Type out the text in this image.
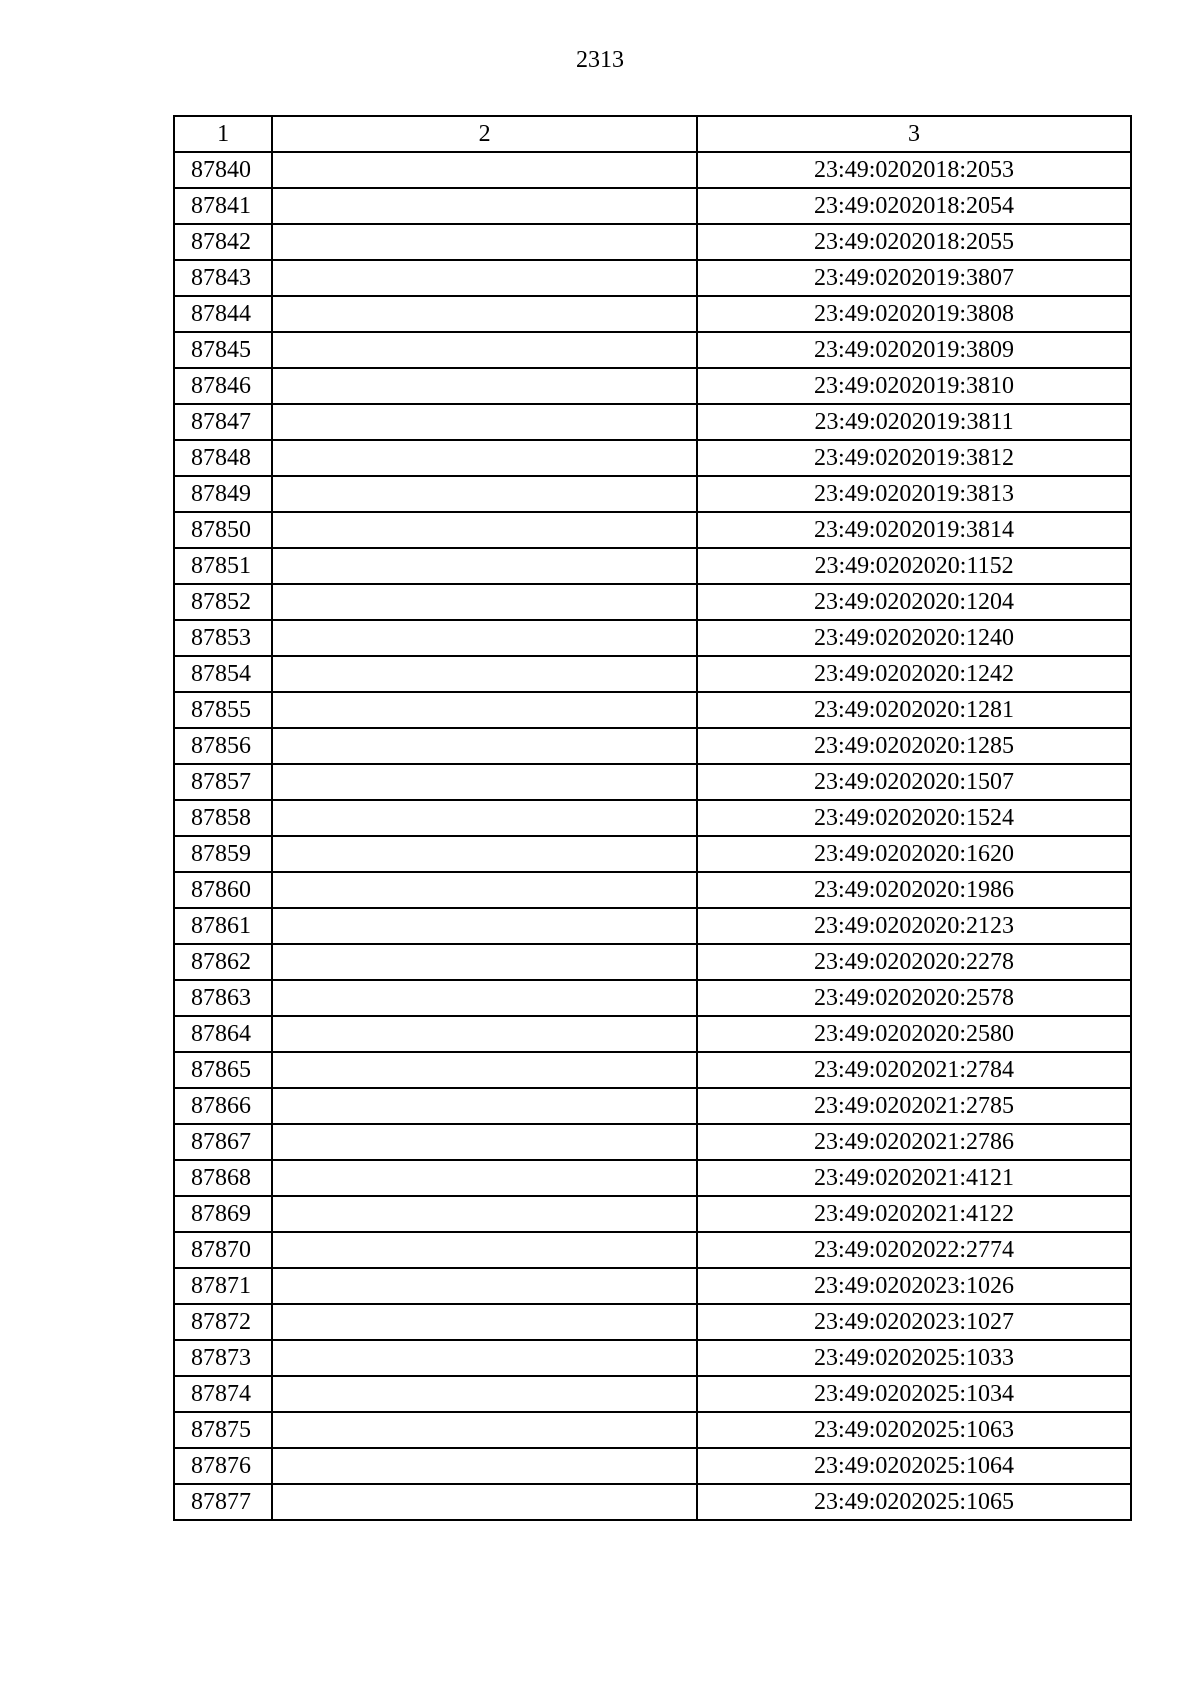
2313
1	2	3
87840		23:49:0202018:2053
87841		23:49:0202018:2054
87842		23:49:0202018:2055
87843		23:49:0202019:3807
87844		23:49:0202019:3808
87845		23:49:0202019:3809
87846		23:49:0202019:3810
87847		23:49:0202019:3811
87848		23:49:0202019:3812
87849		23:49:0202019:3813
87850		23:49:0202019:3814
87851		23:49:0202020:1152
87852		23:49:0202020:1204
87853		23:49:0202020:1240
87854		23:49:0202020:1242
87855		23:49:0202020:1281
87856		23:49:0202020:1285
87857		23:49:0202020:1507
87858		23:49:0202020:1524
87859		23:49:0202020:1620
87860		23:49:0202020:1986
87861		23:49:0202020:2123
87862		23:49:0202020:2278
87863		23:49:0202020:2578
87864		23:49:0202020:2580
87865		23:49:0202021:2784
87866		23:49:0202021:2785
87867		23:49:0202021:2786
87868		23:49:0202021:4121
87869		23:49:0202021:4122
87870		23:49:0202022:2774
87871		23:49:0202023:1026
87872		23:49:0202023:1027
87873		23:49:0202025:1033
87874		23:49:0202025:1034
87875		23:49:0202025:1063
87876		23:49:0202025:1064
87877		23:49:0202025:1065
